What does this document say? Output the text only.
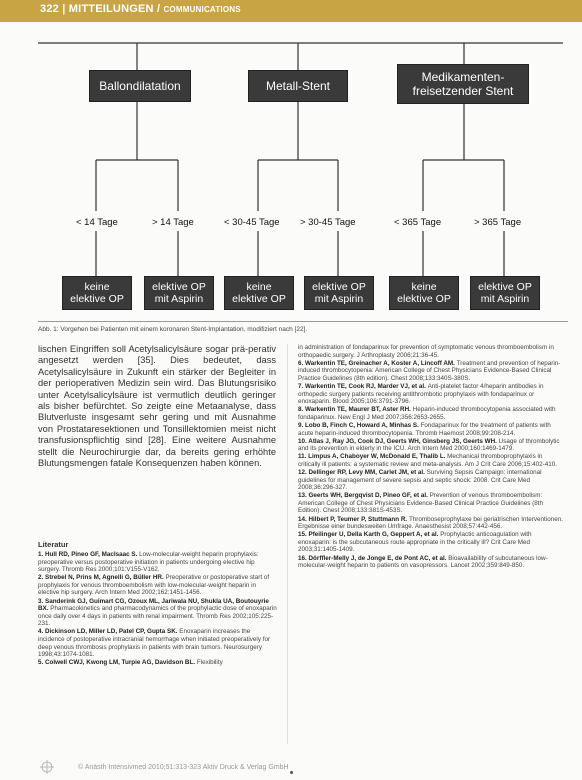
322 | MITTEILUNGEN / COMMUNICATIONS
Ballondilatation	Metall-Stent
Medikamenten-
freisetzender Stent
< 14 Tage	> 14 Tage	< 30-45 Tage > 30-45 Tage	< 365 Tage	> 365 Tage
keine
elektive OP
elektive OP
mit Aspirin
keine
elektive OP
elektive OP
mit Aspirin
keine
elektive OP
elektive OP
mit Aspirin
Abb. 1: Vorgehen bei Patienten mit einem koronaren Stent-Implantation, modifiziert nach [22].
lischen Eingriffen soll Acetylsalicylsäure sogar prä-perativ angesetzt werden [35]. Dies bedeutet, dass Acetylsalicylsäure in Zukunft ein stärker der Begleiter in der perioperativen Medizin sein wird. Das Blutungsrisiko unter Acetylsalicylsäure ist vermutlich deutlich geringer als bisher befürchtet. So zeigte eine Metaanalyse, dass Blutverluste insgesamt sehr gering und mit Ausnahme von Prostataresektionen und Tonsillektomien meist nicht transfusionspflichtig sind [28]. Eine weitere Ausnahme stellt die Neurochirurgie dar, da bereits gering erhöhte Blutungsmengen fatale Konsequenzen haben können.
Literatur
1. Hull RD, Pineo GF, MacIsaac S. Low-molecular-weight heparin prophylaxis: preoperative versus postoperative initiation in patients undergoing elective hip surgery. Thromb Res 2000;101:V155-V162.
2. Strebel N, Prins M, Agnelli G, Büller HR. Preoperative or postoperative start of prophylaxis for venous thromboembolism with low-molecular-weight heparin in elective hip surgery. Arch Intern Med 2002;162:1451-1456.
3. Sanderink GJ, Guimart CG, Ozoux ML, Jariwala NU, Shukla UA, Boutouyrie BX. Pharmacokinetics and pharmacodynamics of the prophylactic dose of enoxaparin once daily over 4 days in patients with renal impairment. Thromb Res 2002;105:225-231.
4. Dickinson LD, Miller LD, Patel CP, Gupta SK. Enoxaparin increases the incidence of postoperative intracranial hemorrhage when initiated preoperatively for deep venous thrombosis prophylaxis in patients with brain tumors. Neurosurgery 1998;43:1074-1081.
5. Colwell CWJ, Kwong LM, Turpie AG, Davidson BL. Flexibility
in administration of fondaparinux for prevention of symptomatic venous thromboembolism in orthopaedic surgery. J Arthroplasty 2006;21:36-45.
6. Warkentin TE, Greinacher A, Koster A, Lincoff AM. Treatment and prevention of heparin-induced thrombocytopenia: American College of Chest Physicians Evidence-Based Clinical Practice Guidelines (8th edition). Chest 2008;133:340S-380S.
7. Warkentin TE, Cook RJ, Marder VJ, et al. Anti-platelet factor 4/heparin antibodies in orthopedic surgery patients receiving antithrombotic prophylaxis with fondaparinux or enoxaparin. Blood 2005;106:3791-3796.
8. Warkentin TE, Maurer BT, Aster RH. Heparin-induced thrombocytopenia associated with fondaparinux. New Engl J Med 2007;356:2653-2655.
9. Lobo B, Finch C, Howard A, Minhas S. Fondaparinux for the treatment of patients with acute heparin-induced thrombocytopenia. Thromb Haemost 2008;99:208-214.
10. Atlas J, Ray JG, Cook DJ, Geerts WH, Ginsberg JS, Geerts WH. Usage of thrombolytic and its prevention in elderly in the ICU. Arch Intern Med 2000;160:1469-1479.
11. Limpus A, Chaboyer W, McDonald E, Thalib L. Mechanical thromboprophylaxis in critically ill patients: a systematic review and meta-analysis. Am J Crit Care 2006;15:402-410.
12. Dellinger RP, Levy MM, Carlet JM, et al. Surviving Sepsis Campaign: international guidelines for management of severe sepsis and septic shock: 2008. Crit Care Med 2008;36:296-327.
13. Geerts WH, Bergqvist D, Pineo GF, et al. Prevention of venous thromboembolism: American College of Chest Physicians Evidence-Based Clinical Practice Guidelines (8th Edition). Chest 2008;133:381S-453S.
14. Hilbert P, Teumer P, Stuttmann R. Thromboseprophylaxe bei geriatrischen Interventionen. Ergebnisse einer bundesweiten Umfrage. Anaesthesist 2008;57:442-456.
15. Pfeilinger U, Della Karth G, Geppert A, et al. Prophylactic anticoagulation with enoxaparin: is the subcutaneous route appropriate in the critically ill? Crit Care Med 2003;31:1405-1409.
16. Dörffler-Melly J, de Jonge E, de Pont AC, et al. Bioavailability of subcutaneous low-molecular-weight heparin to patients on vasopressors. Lancet 2002;359:849-850.
© Anästh Intensivmed 2010;51:313-323 Aktiv Druck & Verlag GmbH
